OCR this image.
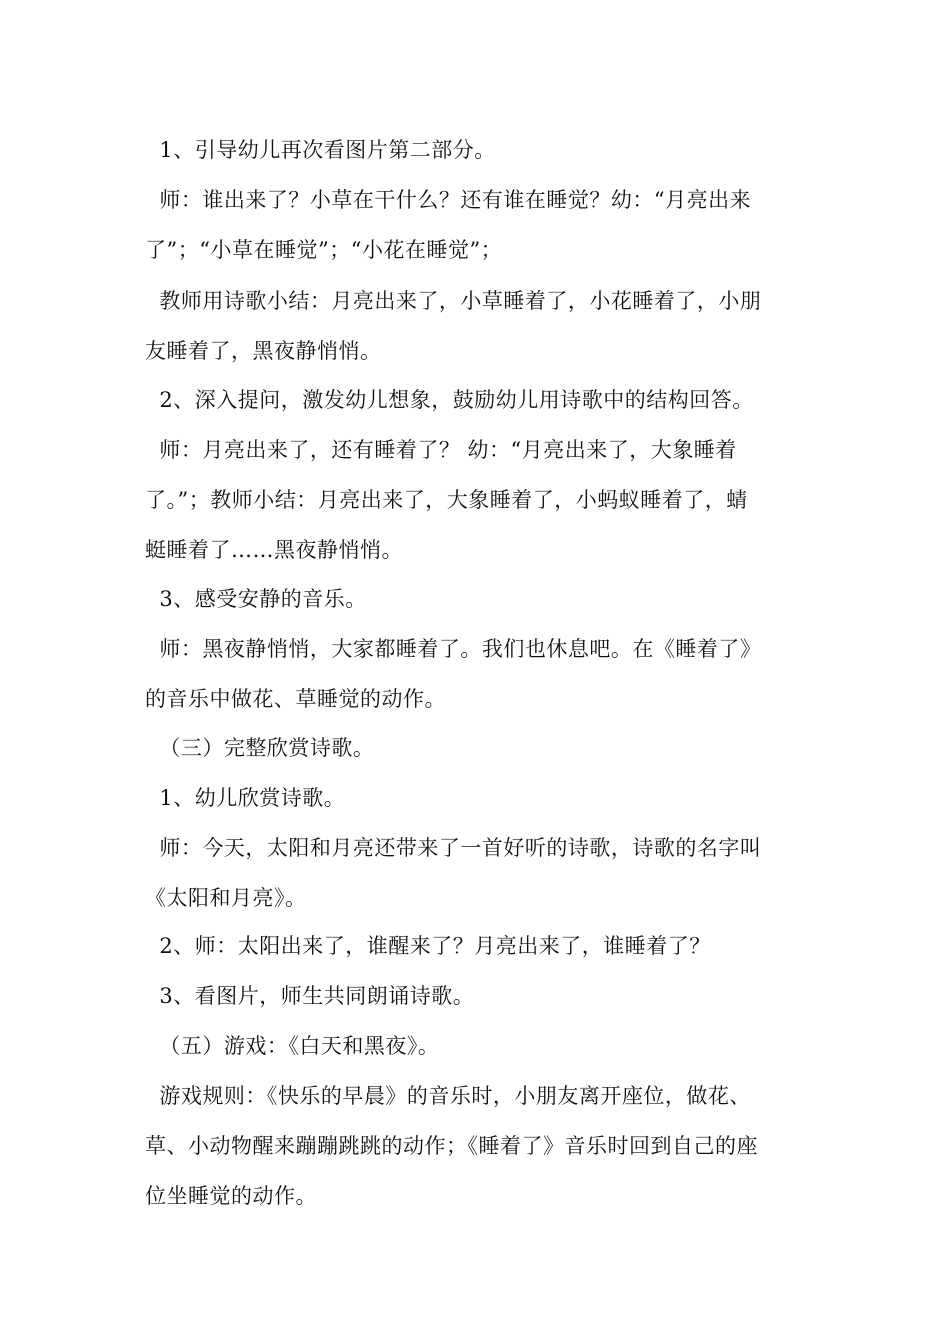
1、引导幼儿再次看图片第二部分。
师：谁出来了？小草在干什么？还有谁在睡觉？幼：“月亮出来
了”；“小草在睡觉”；“小花在睡觉”；
教师用诗歌小结：月亮出来了，小草睡着了，小花睡着了，小朋
友睡着了，黑夜静悄悄。
2、深入提问，激发幼儿想象，鼓励幼儿用诗歌中的结构回答。
师：月亮出来了，还有睡着了？ 幼：“月亮出来了，大象睡着
了。”；教师小结：月亮出来了，大象睡着了，小蚂蚁睡着了，蜻
蜓睡着了……黑夜静悄悄。
3、感受安静的音乐。
师：黑夜静悄悄，大家都睡着了。我们也休息吧。在《睡着了》
的音乐中做花、草睡觉的动作。
（三）完整欣赏诗歌。
1、幼儿欣赏诗歌。
师：今天，太阳和月亮还带来了一首好听的诗歌，诗歌的名字叫
《太阳和月亮》。
2、师：太阳出来了，谁醒来了？月亮出来了，谁睡着了？
3、看图片，师生共同朗诵诗歌。
（五）游戏：《白天和黑夜》。
游戏规则：《快乐的早晨》的音乐时，小朋友离开座位，做花、
草、小动物醒来蹦蹦跳跳的动作；《睡着了》音乐时回到自己的座
位坐睡觉的动作。
